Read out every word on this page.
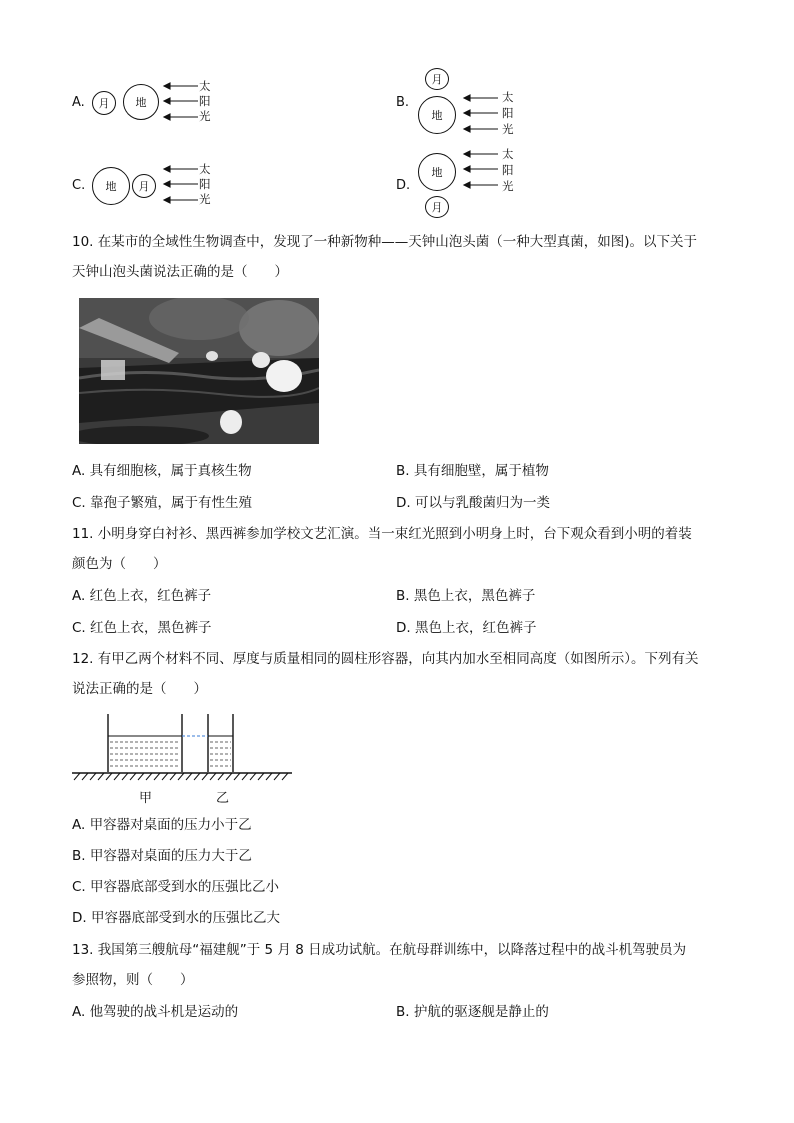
A.	月	地
太
阳
光
B.
月
地
太
阳
光
C.	地	月
太
阳
光
D.
地
月
太
阳
光
10. 在某市的全域性生物调查中，发现了一种新物种——天钟山泡头菌（一种大型真菌，如图)。以下关于
天钟山泡头菌说法正确的是（　　）
A. 具有细胞核，属于真核生物	B. 具有细胞壁，属于植物
C. 靠孢子繁殖，属于有性生殖	D. 可以与乳酸菌归为一类
11. 小明身穿白衬衫、黑西裤参加学校文艺汇演。当一束红光照到小明身上时，台下观众看到小明的着装
颜色为（　　）
A. 红色上衣，红色裤子	B. 黑色上衣，黑色裤子
C. 红色上衣，黑色裤子	D. 黑色上衣，红色裤子
12. 有甲乙两个材料不同、厚度与质量相同的圆柱形容器，向其内加水至相同高度（如图所示）。下列有关
说法正确的是（　　）
甲	乙
A. 甲容器对桌面的压力小于乙
B. 甲容器对桌面的压力大于乙
C. 甲容器底部受到水的压强比乙小
D. 甲容器底部受到水的压强比乙大
13. 我国第三艘航母“福建舰”于 5 月 8 日成功试航。在航母群训练中，以降落过程中的战斗机驾驶员为
参照物，则（　　）
A. 他驾驶的战斗机是运动的	B. 护航的驱逐舰是静止的
